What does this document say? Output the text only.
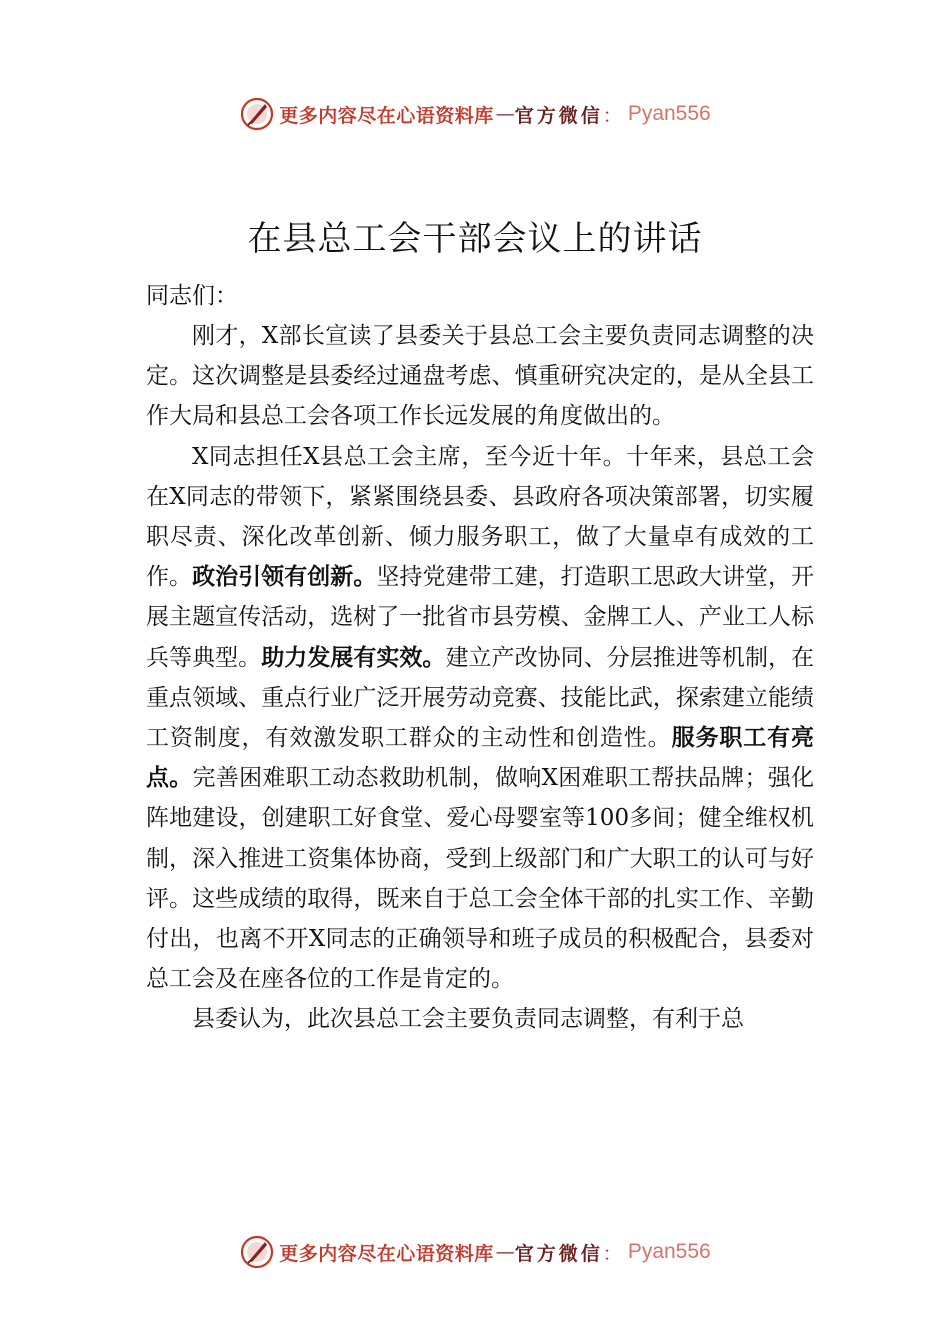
更多内容尽在心语资料库 — 官方微信 ： Pyan556
在县总工会干部会议上的讲话

同志们：

刚才，X部长宣读了县委关于县总工会主要负责同志调整的决定。这次调整是县委经过通盘考虑、慎重研究决定的，是从全县工作大局和县总工会各项工作长远发展的角度做出的。

X同志担任X县总工会主席，至今近十年。十年来，县总工会在X同志的带领下，紧紧围绕县委、县政府各项决策部署，切实履职尽责、深化改革创新、倾力服务职工，做了大量卓有成效的工作。政治引领有创新。坚持党建带工建，打造职工思政大讲堂，开展主题宣传活动，选树了一批省市县劳模、金牌工人、产业工人标兵等典型。助力发展有实效。建立产改协同、分层推进等机制，在重点领域、重点行业广泛开展劳动竞赛、技能比武，探索建立能绩工资制度，有效激发职工群众的主动性和创造性。服务职工有亮点。完善困难职工动态救助机制，做响X困难职工帮扶品牌；强化阵地建设，创建职工好食堂、爱心母婴室等100多间；健全维权机制，深入推进工资集体协商，受到上级部门和广大职工的认可与好评。这些成绩的取得，既来自于总工会全体干部的扎实工作、辛勤付出，也离不开X同志的正确领导和班子成员的积极配合，县委对总工会及在座各位的工作是肯定的。

县委认为，此次县总工会主要负责同志调整，有利于总

更多内容尽在心语资料库 — 官方微信 ： Pyan556
